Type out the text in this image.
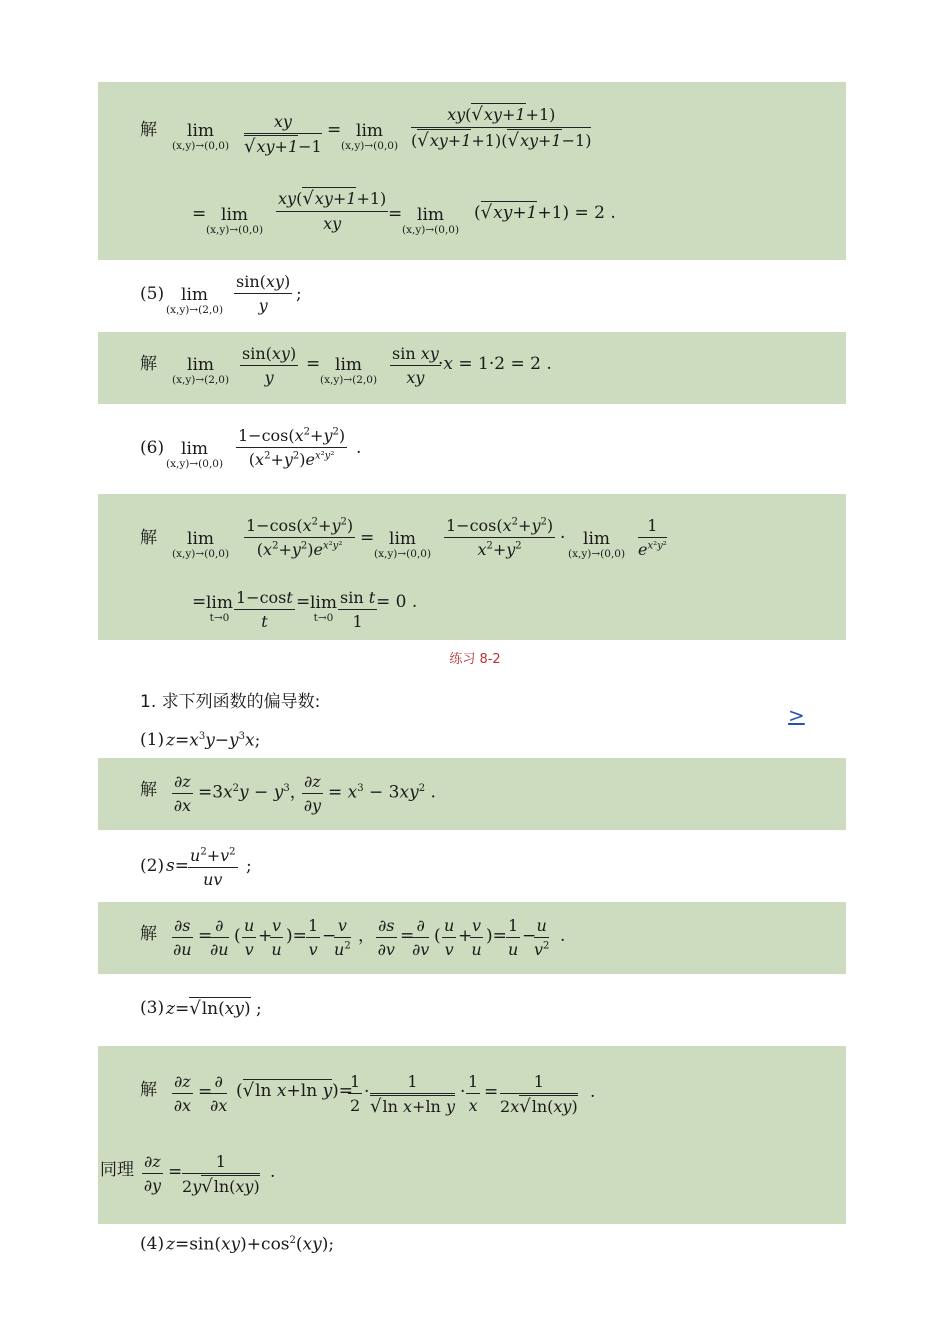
解	lim
(x,y)→(0,0) xy
√ xy+1−1 = lim
$(x,y)\to(0,0) \frac{xy( √ xy+1+1)}{( √ xy+1+1)( √ xy+1-1)}$
= lim
$(x,y)\to(0,0) \frac{xy( √ xy+1+1)}{xy} = \lim$
(x,y)→(0,0)
( √ xy+1+1) = 2 .
(5) lim
$(x,y)\to(2,0) \frac{\sin(xy)}{y}$ ;
解	lim
$(x,y)\to(2,0) \frac{\sin(xy)}{y} = \lim$
$(x,y)\to(2,0) \frac{\text{sin xy}}{xy}$
·x = 1·2 = 2 .
(6) lim
$(x,y)\to(0,0) \frac{1-\cos(x^2+y^2)}{(x^2+y^2)e^{x^2y^2}}$ .
解	lim
$(x,y)\to(0,0) \frac{1-\cos(x^2+y^2)}{(x^2+y^2)e^{x^2y^2}} = \lim$
$(x,y)\to(0,0) \frac{1-\cos(x^2+y^2)}{x^2+y^2}$ ·	lim
$(x,y)\to(0,0) \frac{1}{e^{x^2y^2}}$
= lim
$t\to 0 \frac{1-\cos t}{t} = \lim$
$t\to 0 \frac{\text{sin t}}{1}$
= 0 .
练习 8-2
1. 求下列函数的偏导数:
>
(1) $z=x^3y-y^3x$;
解 $\frac{\partial z}{\partial x} =3x^2y - y^3$，
$\frac{\partial z}{\partial y} = x^3 - 3xy^2$ .
(2) $s= \frac{u^2+v^2}{uv}$ ;
解 $\frac{\partial s}{\partial u}$ =
∂
∂u
( $\frac{u}{v}$ +
$\frac{v}{u}$ )= $\frac{1}{v}$ −
$\frac{v}{u^2}$ ， $\frac{\partial s}{\partial v}$ =
∂
∂v
( $\frac{u}{v}$ +
$\frac{v}{u}$ )= $\frac{1}{u}$ −
$\frac{u}{v^2}$ .
(3) z= √ ln(xy) ;
解 $\frac{\partial z}{\partial x}$ =
∂
∂x
( √ ln x+ln y)=
$\frac{1}{2} \cdot 1$
√ ln x+ln $y \cdot \frac{1}{x} = \frac{1}{2x √ \ln(xy)}$ .
同理 $\frac{\partial z}{\partial y} = \frac{1}{2y √ \ln(xy)}$ .
(4) $z=\sin(xy)+\cos^2(xy)$;
